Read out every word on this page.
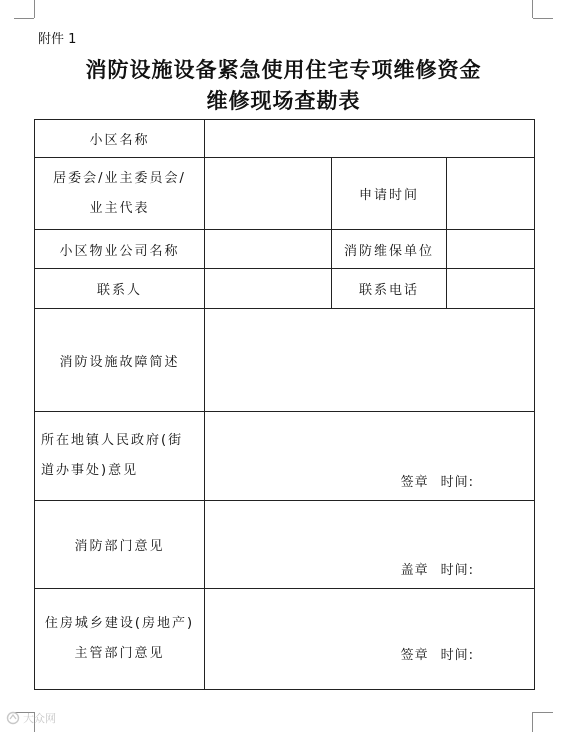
附件 1
消防设施设备紧急使用住宅专项维修资金
维修现场查勘表
小区名称			

居委会/业主委员会/
业主代表		申请时间	
小区物业公司名称		消防维保单位	
联系人		联系电话	
消防设施故障简述			

所在地镇人民政府(街
道办事处)意见	签章 时间:		

消防部门意见	盖章 时间:		

住房城乡建设(房地产)
主管部门意见	签章 时间:		
大众网
